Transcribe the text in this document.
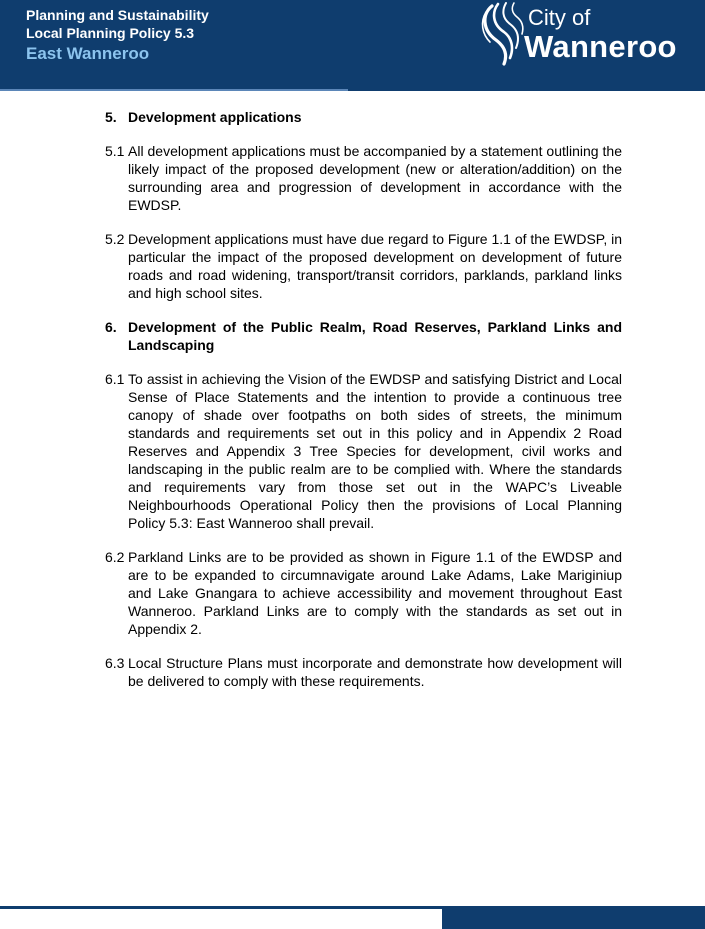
Planning and Sustainability
Local Planning Policy 5.3
East Wanneroo
City of
Wanneroo

5. Development applications

5.1 All development applications must be accompanied by a statement outlining the likely impact of the proposed development (new or alteration/addition) on the surrounding area and progression of development in accordance with the EWDSP.

5.2 Development applications must have due regard to Figure 1.1 of the EWDSP, in particular the impact of the proposed development on development of future roads and road widening, transport/transit corridors, parklands, parkland links and high school sites.

6. Development of the Public Realm, Road Reserves, Parkland Links and Landscaping

6.1 To assist in achieving the Vision of the EWDSP and satisfying District and Local Sense of Place Statements and the intention to provide a continuous tree canopy of shade over footpaths on both sides of streets, the minimum standards and requirements set out in this policy and in Appendix 2 Road Reserves and Appendix 3 Tree Species for development, civil works and landscaping in the public realm are to be complied with. Where the standards and requirements vary from those set out in the WAPC’s Liveable Neighbourhoods Operational Policy then the provisions of Local Planning Policy 5.3: East Wanneroo shall prevail.

6.2 Parkland Links are to be provided as shown in Figure 1.1 of the EWDSP and are to be expanded to circumnavigate around Lake Adams, Lake Mariginiup and Lake Gnangara to achieve accessibility and movement throughout East Wanneroo. Parkland Links are to comply with the standards as set out in Appendix 2.

6.3 Local Structure Plans must incorporate and demonstrate how development will be delivered to comply with these requirements.
